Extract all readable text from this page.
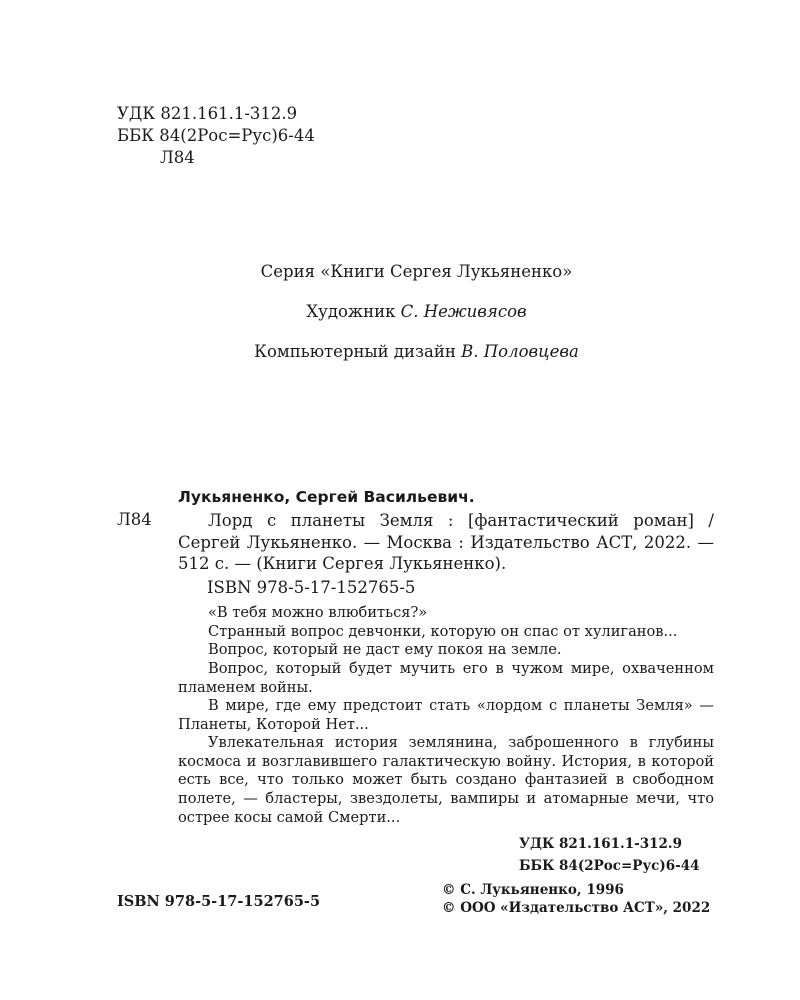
УДК 821.161.1-312.9
ББК 84(2Рос=Рус)6-44
Л84
Серия «Книги Сергея Лукьяненко»
Художник С. Неживясов
Компьютерный дизайн В. Половцева
Лукьяненко, Сергей Васильевич.
Л84	Лорд с планеты Земля : [фантастический роман] / Сергей Лукьяненко. — Москва : Издательство АСТ, 2022. — 512 с. — (Книги Сергея Лукьяненко).

ISBN 978-5-17-152765-5

«В тебя можно влюбиться?»

Странный вопрос девчонки, которую он спас от хулиганов...

Вопрос, который не даст ему покоя на земле.

Вопрос, который будет мучить его в чужом мире, охваченном пламенем войны.

В мире, где ему предстоит стать «лордом с планеты Земля» — Планеты, Которой Нет...

Увлекательная история землянина, заброшенного в глубины космоса и возглавившего галактическую войну. История, в которой есть все, что только может быть создано фантазией в свободном полете, — бластеры, звездолеты, вампиры и атомарные мечи, что острее косы самой Смерти...

УДК 821.161.1-312.9
ББК 84(2Рос=Рус)6-44
ISBN 978-5-17-152765-5
© С. Лукьяненко, 1996
© ООО «Издательство АСТ», 2022
